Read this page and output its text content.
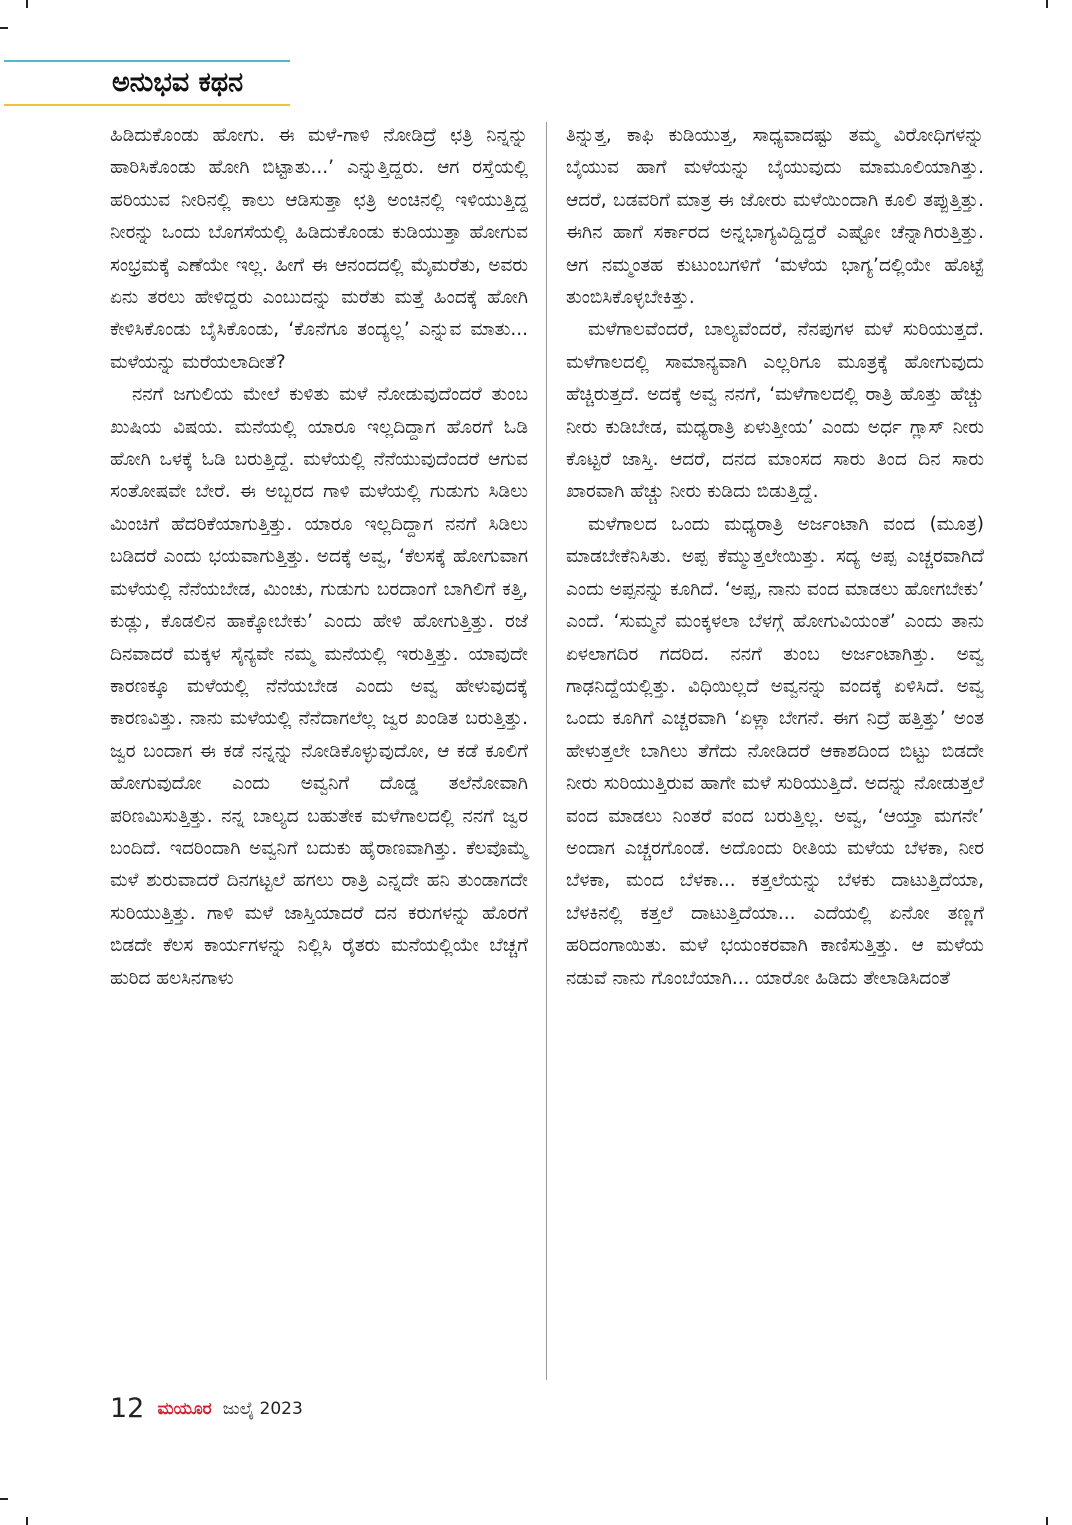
ಅನುಭವ ಕಥನ

ಹಿಡಿದುಕೊಂಡು ಹೋಗು. ಈ ಮಳೆ-ಗಾಳಿ ನೋಡಿದ್ರೆ ಛತ್ರಿ ನಿನ್ನನ್ನು ಹಾರಿಸಿಕೊಂಡು ಹೋಗಿ ಬಿಟ್ಟಾತು...’ ಎನ್ನುತ್ತಿದ್ದರು. ಆಗ ರಸ್ತೆಯಲ್ಲಿ ಹರಿಯುವ ನೀರಿನಲ್ಲಿ ಕಾಲು ಆಡಿಸುತ್ತಾ ಛತ್ರಿ ಅಂಚಿನಲ್ಲಿ ಇಳಿಯುತ್ತಿದ್ದ ನೀರನ್ನು ಒಂದು ಬೊಗಸೆಯಲ್ಲಿ ಹಿಡಿದುಕೊಂಡು ಕುಡಿಯುತ್ತಾ ಹೋಗುವ ಸಂಭ್ರಮಕ್ಕೆ ಎಣೆಯೇ ಇಲ್ಲ. ಹೀಗೆ ಈ ಆನಂದದಲ್ಲಿ ಮೈಮರೆತು, ಅವರು ಏನು ತರಲು ಹೇಳಿದ್ದರು ಎಂಬುದನ್ನು ಮರೆತು ಮತ್ತೆ ಹಿಂದಕ್ಕೆ ಹೋಗಿ ಕೇಳಿಸಿಕೊಂಡು ಬೈಸಿಕೊಂಡು, ‘ಕೊನೆಗೂ ತಂದ್ಯಲ್ಲ’ ಎನ್ನುವ ಮಾತು... ಮಳೆಯನ್ನು ಮರೆಯಲಾದೀತೆ?

ನನಗೆ ಜಗುಲಿಯ ಮೇಲೆ ಕುಳಿತು ಮಳೆ ನೋಡುವುದೆಂದರೆ ತುಂಬ ಖುಷಿಯ ವಿಷಯ. ಮನೆಯಲ್ಲಿ ಯಾರೂ ಇಲ್ಲದಿದ್ದಾಗ ಹೊರಗೆ ಓಡಿ ಹೋಗಿ ಒಳಕ್ಕೆ ಓಡಿ ಬರುತ್ತಿದ್ದೆ. ಮಳೆಯಲ್ಲಿ ನೆನೆಯುವುದೆಂದರೆ ಆಗುವ ಸಂತೋಷವೇ ಬೇರೆ. ಈ ಅಬ್ಬರದ ಗಾಳಿ ಮಳೆಯಲ್ಲಿ ಗುಡುಗು ಸಿಡಿಲು ಮಿಂಚಿಗೆ ಹೆದರಿಕೆಯಾಗುತ್ತಿತ್ತು. ಯಾರೂ ಇಲ್ಲದಿದ್ದಾಗ ನನಗೆ ಸಿಡಿಲು ಬಡಿದರೆ ಎಂದು ಭಯವಾಗುತ್ತಿತ್ತು. ಅದಕ್ಕೆ ಅವ್ವ, ‘ಕೆಲಸಕ್ಕೆ ಹೋಗುವಾಗ ಮಳೆಯಲ್ಲಿ ನೆನೆಯಬೇಡ, ಮಿಂಚು, ಗುಡುಗು ಬರದಾಂಗೆ ಬಾಗಿಲಿಗೆ ಕತ್ತಿ, ಕುಡ್ಲು, ಕೊಡಲಿನ ಹಾಕ್ಕೋಬೇಕು’ ಎಂದು ಹೇಳಿ ಹೋಗುತ್ತಿತ್ತು. ರಜೆ ದಿನವಾದರೆ ಮಕ್ಕಳ ಸೈನ್ಯವೇ ನಮ್ಮ ಮನೆಯಲ್ಲಿ ಇರುತ್ತಿತ್ತು. ಯಾವುದೇ ಕಾರಣಕ್ಕೂ ಮಳೆಯಲ್ಲಿ ನೆನೆಯಬೇಡ ಎಂದು ಅವ್ವ ಹೇಳುವುದಕ್ಕೆ ಕಾರಣವಿತ್ತು. ನಾನು ಮಳೆಯಲ್ಲಿ ನೆನೆದಾಗಲೆಲ್ಲ ಜ್ವರ ಖಂಡಿತ ಬರುತ್ತಿತ್ತು. ಜ್ವರ ಬಂದಾಗ ಈ ಕಡೆ ನನ್ನನ್ನು ನೋಡಿಕೊಳ್ಳುವುದೋ, ಆ ಕಡೆ ಕೂಲಿಗೆ ಹೋಗುವುದೋ ಎಂದು ಅವ್ವನಿಗೆ ದೊಡ್ಡ ತಲೆನೋವಾಗಿ ಪರಿಣಮಿಸುತ್ತಿತ್ತು. ನನ್ನ ಬಾಲ್ಯದ ಬಹುತೇಕ ಮಳೆಗಾಲದಲ್ಲಿ ನನಗೆ ಜ್ವರ ಬಂದಿದೆ. ಇದರಿಂದಾಗಿ ಅವ್ವನಿಗೆ ಬದುಕು ಹೈರಾಣವಾಗಿತ್ತು. ಕೆಲವೊಮ್ಮೆ ಮಳೆ ಶುರುವಾದರೆ ದಿನಗಟ್ಟಲೆ ಹಗಲು ರಾತ್ರಿ ಎನ್ನದೇ ಹನಿ ತುಂಡಾಗದೇ ಸುರಿಯುತ್ತಿತ್ತು. ಗಾಳಿ ಮಳೆ ಜಾಸ್ತಿಯಾದರೆ ದನ ಕರುಗಳನ್ನು ಹೊರಗೆ ಬಿಡದೇ ಕೆಲಸ ಕಾರ್ಯಗಳನ್ನು ನಿಲ್ಲಿಸಿ ರೈತರು ಮನೆಯಲ್ಲಿಯೇ ಬೆಚ್ಚಗೆ ಹುರಿದ ಹಲಸಿನಗಾಳು

ತಿನ್ನುತ್ತ, ಕಾಫಿ ಕುಡಿಯುತ್ತ, ಸಾಧ್ಯವಾದಷ್ಟು ತಮ್ಮ ವಿರೋಧಿಗಳನ್ನು ಬೈಯುವ ಹಾಗೆ ಮಳೆಯನ್ನು ಬೈಯುವುದು ಮಾಮೂಲಿಯಾಗಿತ್ತು. ಆದರೆ, ಬಡವರಿಗೆ ಮಾತ್ರ ಈ ಜೋರು ಮಳೆಯಿಂದಾಗಿ ಕೂಲಿ ತಪ್ಪುತ್ತಿತ್ತು. ಈಗಿನ ಹಾಗೆ ಸರ್ಕಾರದ ಅನ್ನಭಾಗ್ಯವಿದ್ದಿದ್ದರೆ ಎಷ್ಟೋ ಚೆನ್ನಾಗಿರುತ್ತಿತ್ತು. ಆಗ ನಮ್ಮಂತಹ ಕುಟುಂಬಗಳಿಗೆ ‘ಮಳೆಯ ಭಾಗ್ಯ’ದಲ್ಲಿಯೇ ಹೊಟ್ಟೆ ತುಂಬಿಸಿಕೊಳ್ಳಬೇಕಿತ್ತು.

ಮಳೆಗಾಲವೆಂದರೆ, ಬಾಲ್ಯವೆಂದರೆ, ನೆನಪುಗಳ ಮಳೆ ಸುರಿಯುತ್ತದೆ. ಮಳೆಗಾಲದಲ್ಲಿ ಸಾಮಾನ್ಯವಾಗಿ ಎಲ್ಲರಿಗೂ ಮೂತ್ರಕ್ಕೆ ಹೋಗುವುದು ಹೆಚ್ಚಿರುತ್ತದೆ. ಅದಕ್ಕೆ ಅವ್ವ ನನಗೆ, ‘ಮಳೆಗಾಲದಲ್ಲಿ ರಾತ್ರಿ ಹೊತ್ತು ಹೆಚ್ಚು ನೀರು ಕುಡಿಬೇಡ, ಮಧ್ಯರಾತ್ರಿ ಏಳುತ್ತೀಯ’ ಎಂದು ಅರ್ಧ ಗ್ಲಾಸ್ ನೀರು ಕೊಟ್ಟರೆ ಜಾಸ್ತಿ. ಆದರೆ, ದನದ ಮಾಂಸದ ಸಾರು ತಿಂದ ದಿನ ಸಾರು ಖಾರವಾಗಿ ಹೆಚ್ಚು ನೀರು ಕುಡಿದು ಬಿಡುತ್ತಿದ್ದೆ.

ಮಳೆಗಾಲದ ಒಂದು ಮಧ್ಯರಾತ್ರಿ ಅರ್ಜಂಟಾಗಿ ವಂದ (ಮೂತ್ರ) ಮಾಡಬೇಕೆನಿಸಿತು. ಅಪ್ಪ ಕೆಮ್ಮುತ್ತಲೇಯಿತ್ತು. ಸದ್ಯ ಅಪ್ಪ ಎಚ್ಚರವಾಗಿದೆ ಎಂದು ಅಪ್ಪನನ್ನು ಕೂಗಿದೆ. ‘ಅಪ್ಪ, ನಾನು ವಂದ ಮಾಡಲು ಹೋಗಬೇಕು’ ಎಂದೆ. ‘ಸುಮ್ಮನೆ ಮಂಕ್ಕಳಲಾ ಬೆಳಗ್ಗೆ ಹೋಗುವಿಯಂತೆ’ ಎಂದು ತಾನು ಏಳಲಾಗದಿರ ಗದರಿದ. ನನಗೆ ತುಂಬ ಅರ್ಜಂಟಾಗಿತ್ತು. ಅವ್ವ ಗಾಢನಿದ್ದೆಯಲ್ಲಿತ್ತು. ವಿಧಿಯಿಲ್ಲದೆ ಅವ್ವನನ್ನು ವಂದಕ್ಕೆ ಏಳಿಸಿದೆ. ಅವ್ವ ಒಂದು ಕೂಗಿಗೆ ಎಚ್ಚರವಾಗಿ ‘ಏಳ್ಲಾ ಬೇಗನೆ. ಈಗ ನಿದ್ರೆ ಹತ್ತಿತ್ತು’ ಅಂತ ಹೇಳುತ್ತಲೇ ಬಾಗಿಲು ತೆಗೆದು ನೋಡಿದರೆ ಆಕಾಶದಿಂದ ಬಿಟ್ಟು ಬಿಡದೇ ನೀರು ಸುರಿಯುತ್ತಿರುವ ಹಾಗೇ ಮಳೆ ಸುರಿಯುತ್ತಿದೆ. ಅದನ್ನು ನೋಡುತ್ತಲೆ ವಂದ ಮಾಡಲು ನಿಂತರೆ ವಂದ ಬರುತ್ತಿಲ್ಲ. ಅವ್ವ, ‘ಆಯ್ತಾ ಮಗನೇ’ ಅಂದಾಗ ಎಚ್ಚರಗೊಂಡೆ. ಅದೊಂದು ರೀತಿಯ ಮಳೆಯ ಬೆಳಕಾ, ನೀರ ಬೆಳಕಾ, ಮಂದ ಬೆಳಕಾ... ಕತ್ತಲೆಯನ್ನು ಬೆಳಕು ದಾಟುತ್ತಿದೆಯಾ, ಬೆಳಕಿನಲ್ಲಿ ಕತ್ತಲೆ ದಾಟುತ್ತಿದೆಯಾ... ಎದೆಯಲ್ಲಿ ಏನೋ ತಣ್ಣಗೆ ಹರಿದಂಗಾಯಿತು. ಮಳೆ ಭಯಂಕರವಾಗಿ ಕಾಣಿಸುತ್ತಿತ್ತು. ಆ ಮಳೆಯ ನಡುವೆ ನಾನು ಗೊಂಬೆಯಾಗಿ... ಯಾರೋ ಹಿಡಿದು ತೇಲಾಡಿಸಿದಂತೆ

12 ಮಯೂರ ಜುಲೈ 2023
